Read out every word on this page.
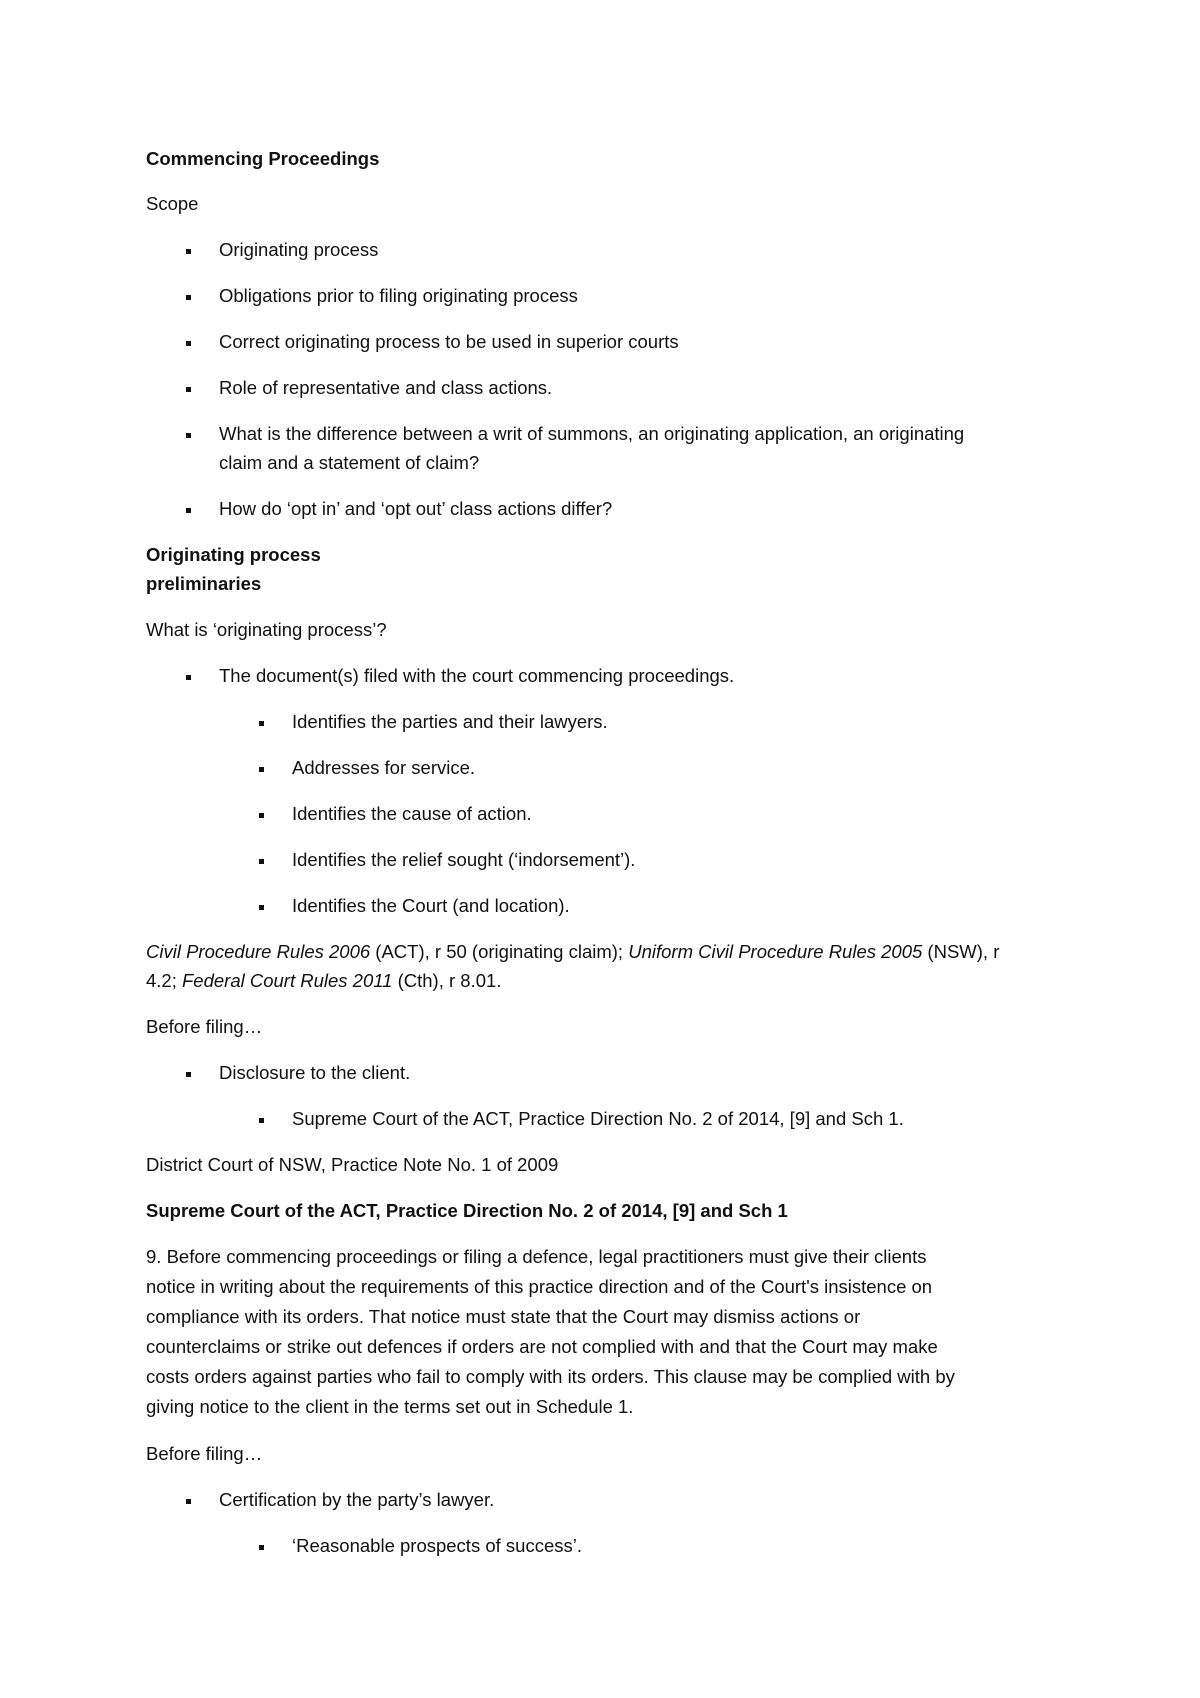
Commencing Proceedings
Scope
Originating process
Obligations prior to filing originating process
Correct originating process to be used in superior courts
Role of representative and class actions.
What is the difference between a writ of summons, an originating application, an originating
claim and a statement of claim?
How do ‘opt in’ and ‘opt out’ class actions differ?
Originating process
preliminaries
What is ‘originating process’?
The document(s) filed with the court commencing proceedings.
Identifies the parties and their lawyers.
Addresses for service.
Identifies the cause of action.
Identifies the relief sought (‘indorsement’).
Identifies the Court (and location).
Civil Procedure Rules 2006 (ACT), r 50 (originating claim); Uniform Civil Procedure Rules 2005 (NSW), r
4.2; Federal Court Rules 2011 (Cth), r 8.01.
Before filing…
Disclosure to the client.
Supreme Court of the ACT, Practice Direction No. 2 of 2014, [9] and Sch 1.
District Court of NSW, Practice Note No. 1 of 2009
Supreme Court of the ACT, Practice Direction No. 2 of 2014, [9] and Sch 1
9. Before commencing proceedings or filing a defence, legal practitioners must give their clients
notice in writing about the requirements of this practice direction and of the Court's insistence on
compliance with its orders. That notice must state that the Court may dismiss actions or
counterclaims or strike out defences if orders are not complied with and that the Court may make
costs orders against parties who fail to comply with its orders. This clause may be complied with by
giving notice to the client in the terms set out in Schedule 1.
Before filing…
Certification by the party’s lawyer.
‘Reasonable prospects of success’.
